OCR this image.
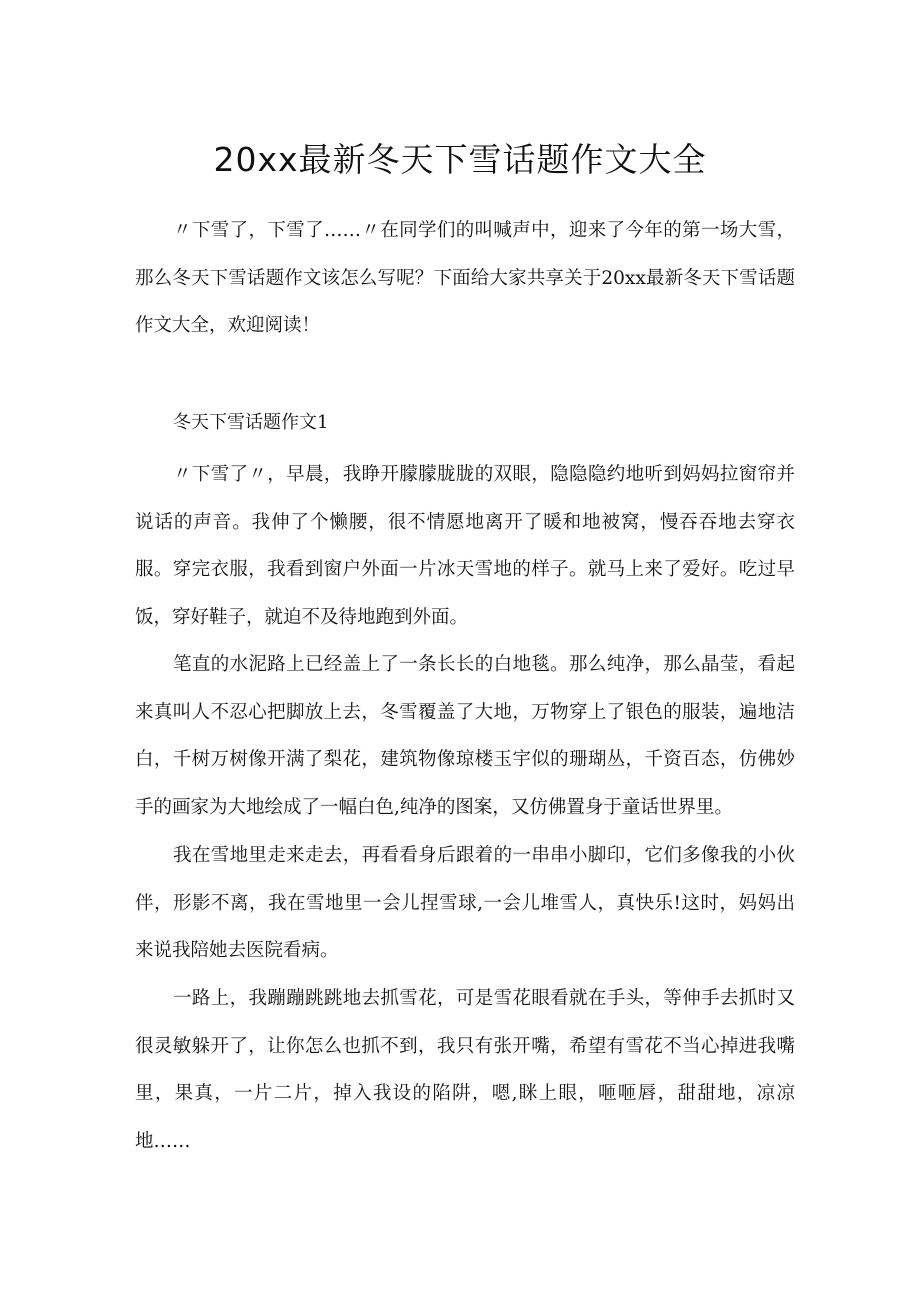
20xx最新冬天下雪话题作文大全

〃下雪了，下雪了……〃在同学们的叫喊声中，迎来了今年的第一场大雪，那么冬天下雪话题作文该怎么写呢？下面给大家共享关于20xx最新冬天下雪话题作文大全，欢迎阅读！

冬天下雪话题作文1

〃下雪了〃，早晨，我睁开朦朦胧胧的双眼，隐隐隐约地听到妈妈拉窗帘并说话的声音。我伸了个懒腰，很不情愿地离开了暖和地被窝，慢吞吞地去穿衣服。穿完衣服，我看到窗户外面一片冰天雪地的样子。就马上来了爱好。吃过早饭，穿好鞋子，就迫不及待地跑到外面。

笔直的水泥路上已经盖上了一条长长的白地毯。那么纯净，那么晶莹，看起来真叫人不忍心把脚放上去，冬雪覆盖了大地，万物穿上了银色的服装，遍地洁白，千树万树像开满了梨花，建筑物像琼楼玉宇似的珊瑚丛，千资百态，仿佛妙手的画家为大地绘成了一幅白色,纯净的图案，又仿佛置身于童话世界里。

我在雪地里走来走去，再看看身后跟着的一串串小脚印，它们多像我的小伙伴，形影不离，我在雪地里一会儿捏雪球,一会儿堆雪人，真快乐!这时，妈妈出来说我陪她去医院看病。

一路上，我蹦蹦跳跳地去抓雪花，可是雪花眼看就在手头，等伸手去抓时又很灵敏躲开了，让你怎么也抓不到，我只有张开嘴，希望有雪花不当心掉进我嘴里，果真，一片二片，掉入我设的陷阱，嗯,眯上眼，咂咂唇，甜甜地，凉凉地……
